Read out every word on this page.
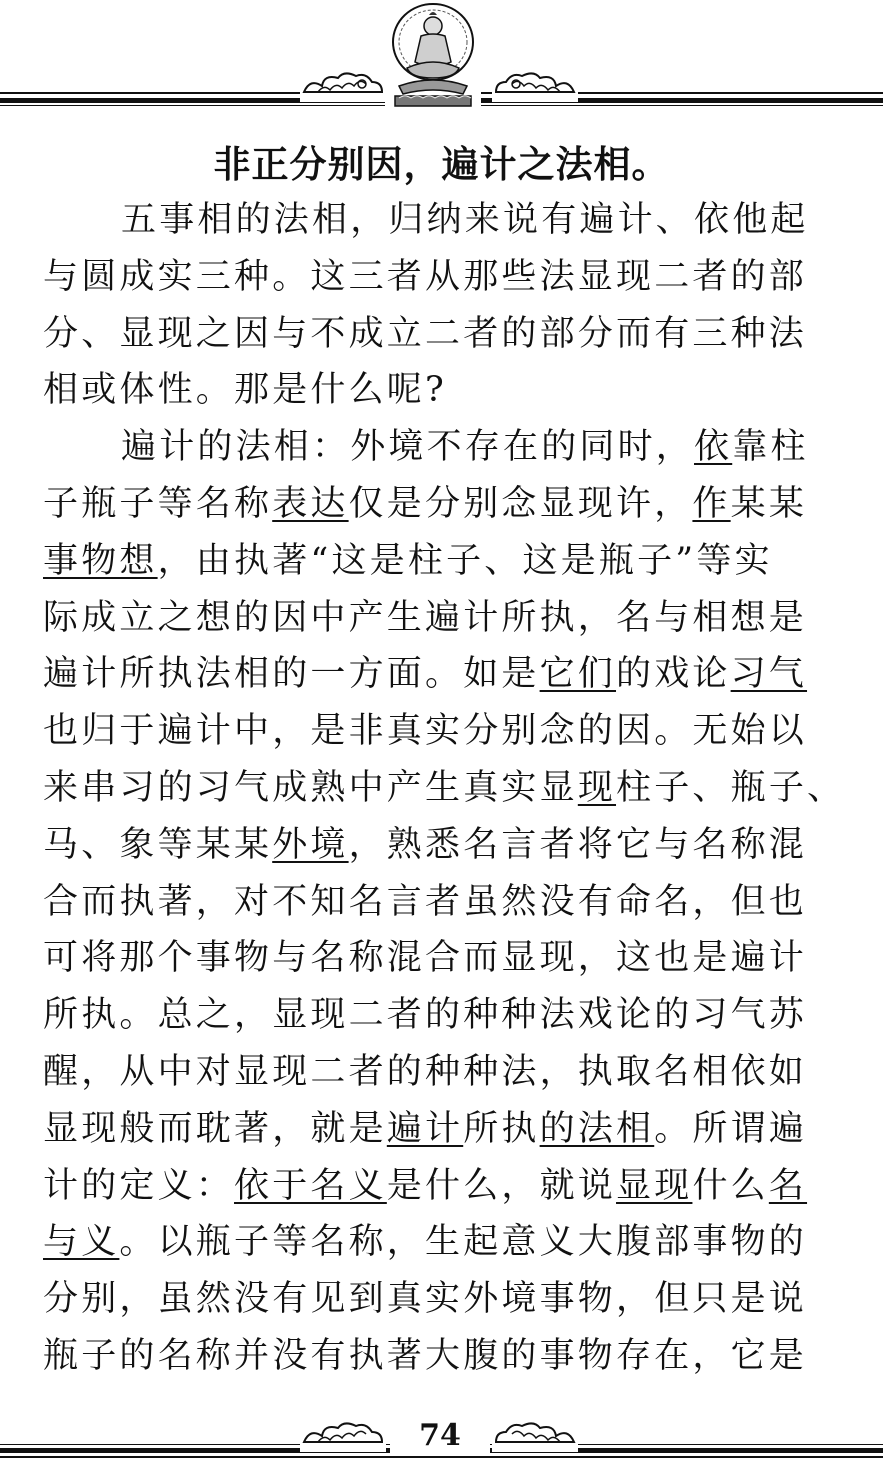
非正分别因，遍计之法相。
五事相的法相，归纳来说有遍计、依他起
与圆成实三种。这三者从那些法显现二者的部
分、显现之因与不成立二者的部分而有三种法
相或体性。那是什么呢?
遍计的法相：外境不存在的同时，依靠柱
子瓶子等名称表达仅是分别念显现许，作某某
事物想，由执著“这是柱子、这是瓶子”等实
际成立之想的因中产生遍计所执，名与相想是
遍计所执法相的一方面。如是它们的戏论习气
也归于遍计中，是非真实分别念的因。无始以
来串习的习气成熟中产生真实显现柱子、瓶子、
马、象等某某外境，熟悉名言者将它与名称混
合而执著，对不知名言者虽然没有命名，但也
可将那个事物与名称混合而显现，这也是遍计
所执。总之，显现二者的种种法戏论的习气苏
醒，从中对显现二者的种种法，执取名相依如
显现般而耽著，就是遍计所执的法相。所谓遍
计的定义：依于名义是什么，就说显现什么名
与义。以瓶子等名称，生起意义大腹部事物的
分别，虽然没有见到真实外境事物，但只是说
瓶子的名称并没有执著大腹的事物存在，它是
74
